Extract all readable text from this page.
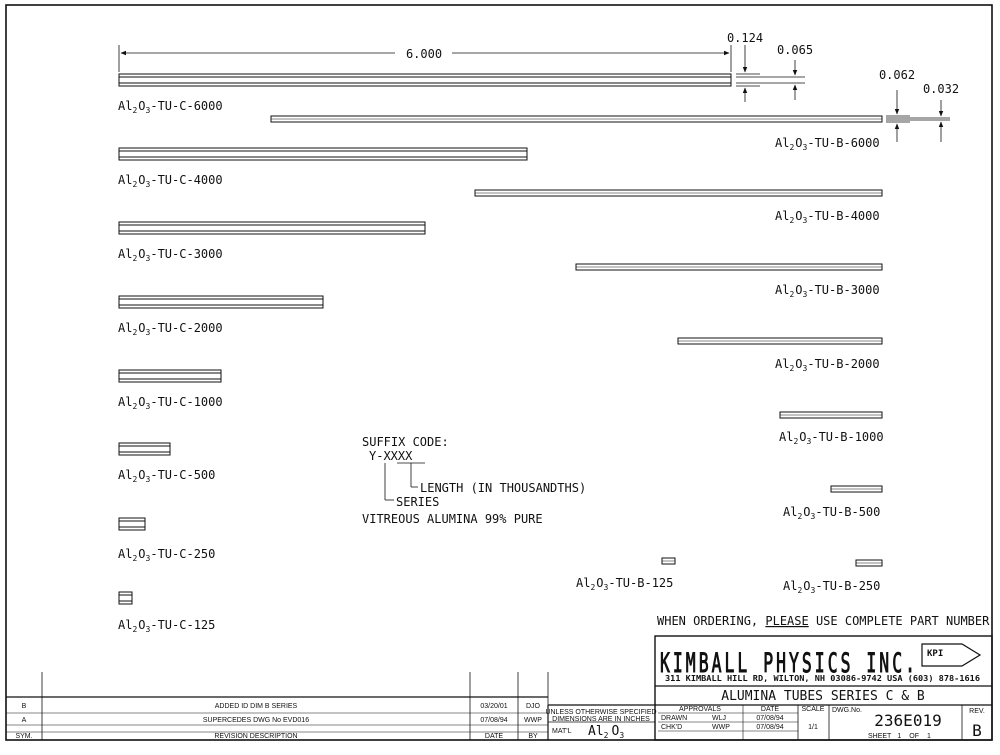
6.000
0.124
0.065
0.062
0.032
$Al_2O_3-TU-C-6000$
$Al_2O_3-TU-C-4000$
$Al_2O_3-TU-C-3000$
$Al_2O_3-TU-C-2000$
$Al_2O_3-TU-C-1000$
$Al_2O_3-TU-C-500$
$Al_2O_3-TU-C-250$
$Al_2O_3-TU-C-125$
$Al_2O_3-TU-B-6000$
$Al_2O_3-TU-B-4000$
$Al_2O_3-TU-B-3000$
$Al_2O_3-TU-B-2000$
$Al_2O_3-TU-B-1000$
$Al_2O_3-TU-B-500$
$Al_2O_3-TU-B-250$
$Al_2O_3-TU-B-125$
SUFFIX CODE:
Y-XXXX
LENGTH (IN THOUSANDTHS)
SERIES
VITREOUS ALUMINA 99% PURE
WHEN ORDERING, PLEASE USE COMPLETE PART NUMBER
KIMBALL PHYSICS INC. KPI
311 KIMBALL HILL RD, WILTON, NH 03086-9742 USA (603) 878-1616
ALUMINA TUBES SERIES C & B
UNLESS OTHERWISE SPECIFIED
DIMENSIONS ARE IN INCHES
MAT'L $Al_2$ $O_3$
APPROVALS	DATE
DRAWN	WLJ	07/08/94
CHK'D	WWP	07/08/94
SCALE
1/1
DWG.No.
236E019
SHEET 1 OF 1
REV.
B
B	ADDED ID DIM B SERIES	03/20/01	DJO
A	SUPERCEDES DWG No EVD016	07/08/94 WWP
SYM.	REVISION DESCRIPTION	DATE	BY
